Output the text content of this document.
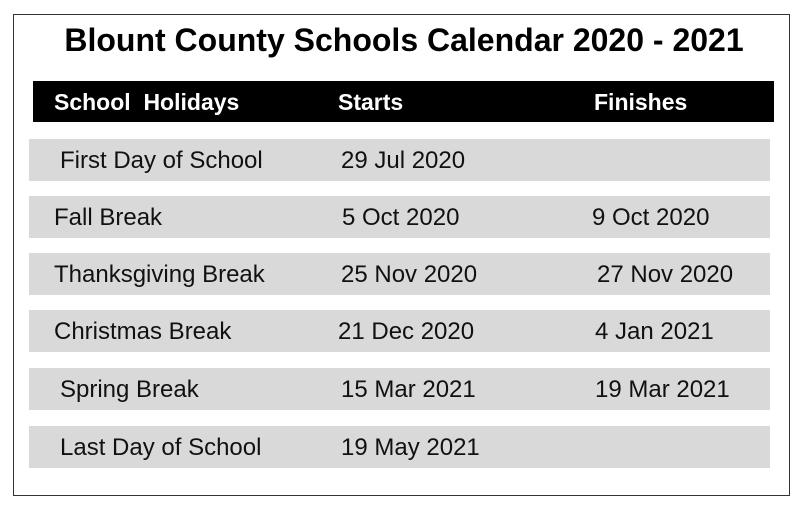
Blount County Schools Calendar 2020 - 2021
School  Holidays	Starts	Finishes
First Day of School	29 Jul 2020
Fall Break	5 Oct 2020	9 Oct 2020
Thanksgiving Break	25 Nov 2020	27 Nov 2020
Christmas Break	21 Dec 2020	4 Jan 2021
Spring Break	15 Mar 2021	19 Mar 2021
Last Day of School	19 May 2021
